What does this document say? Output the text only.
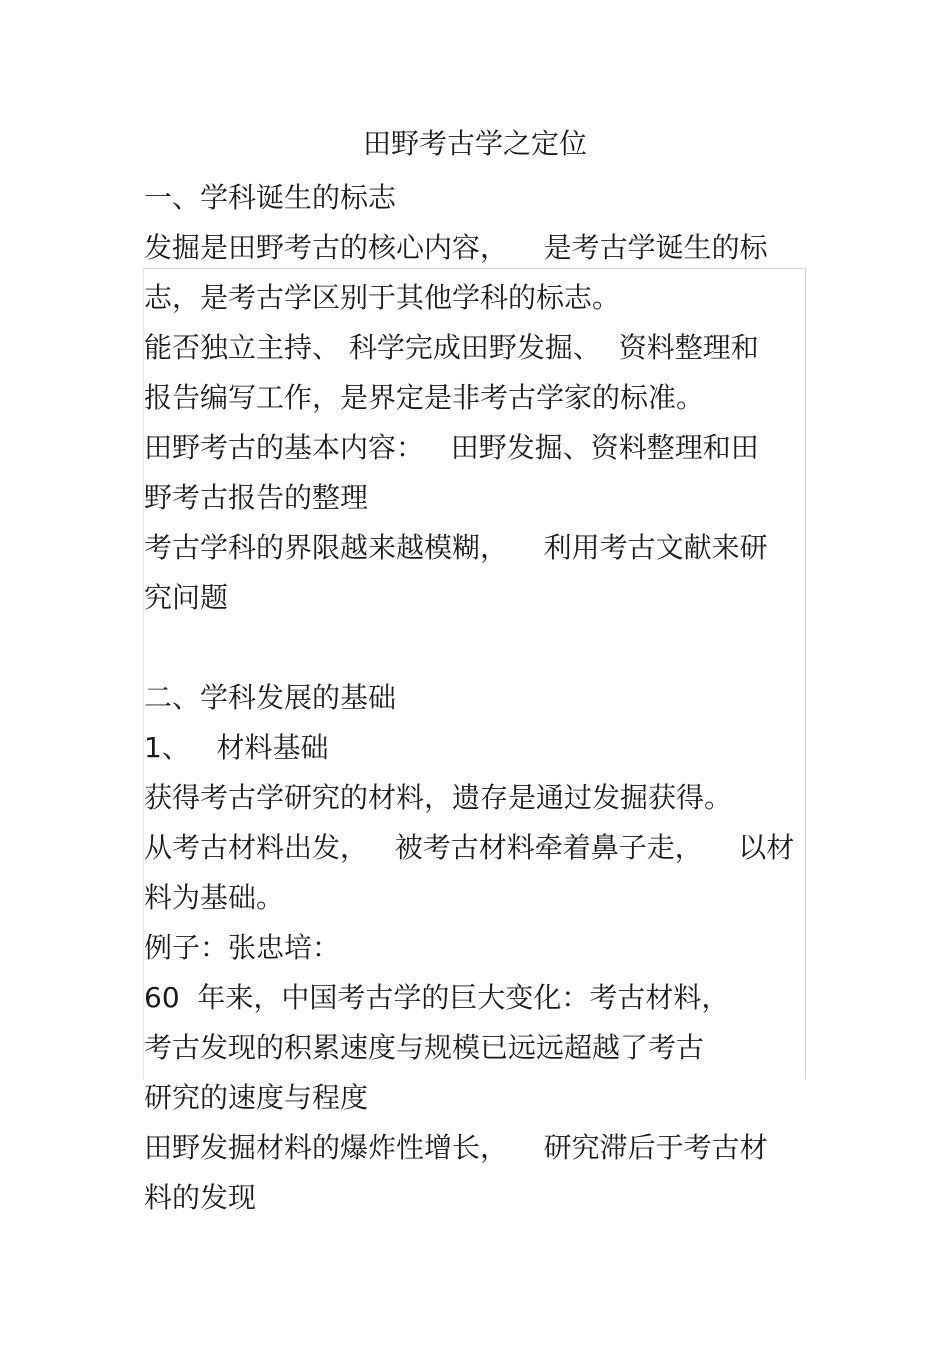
田野考古学之定位
一、学科诞生的标志
发掘是田野考古的核心内容，    是考古学诞生的标
志，是考古学区别于其他学科的标志。
能否独立主持、 科学完成田野发掘、  资料整理和
报告编写工作，是界定是非考古学家的标准。
田野考古的基本内容：   田野发掘、资料整理和田
野考古报告的整理
考古学科的界限越来越模糊，    利用考古文献来研
究问题
二、学科发展的基础
1、   材料基础
获得考古学研究的材料，遗存是通过发掘获得。
从考古材料出发，   被考古材料牵着鼻子走，    以材
料为基础。
例子：张忠培：
60  年来，中国考古学的巨大变化：考古材料，
考古发现的积累速度与规模已远远超越了考古
研究的速度与程度
田野发掘材料的爆炸性增长，    研究滞后于考古材
料的发现
